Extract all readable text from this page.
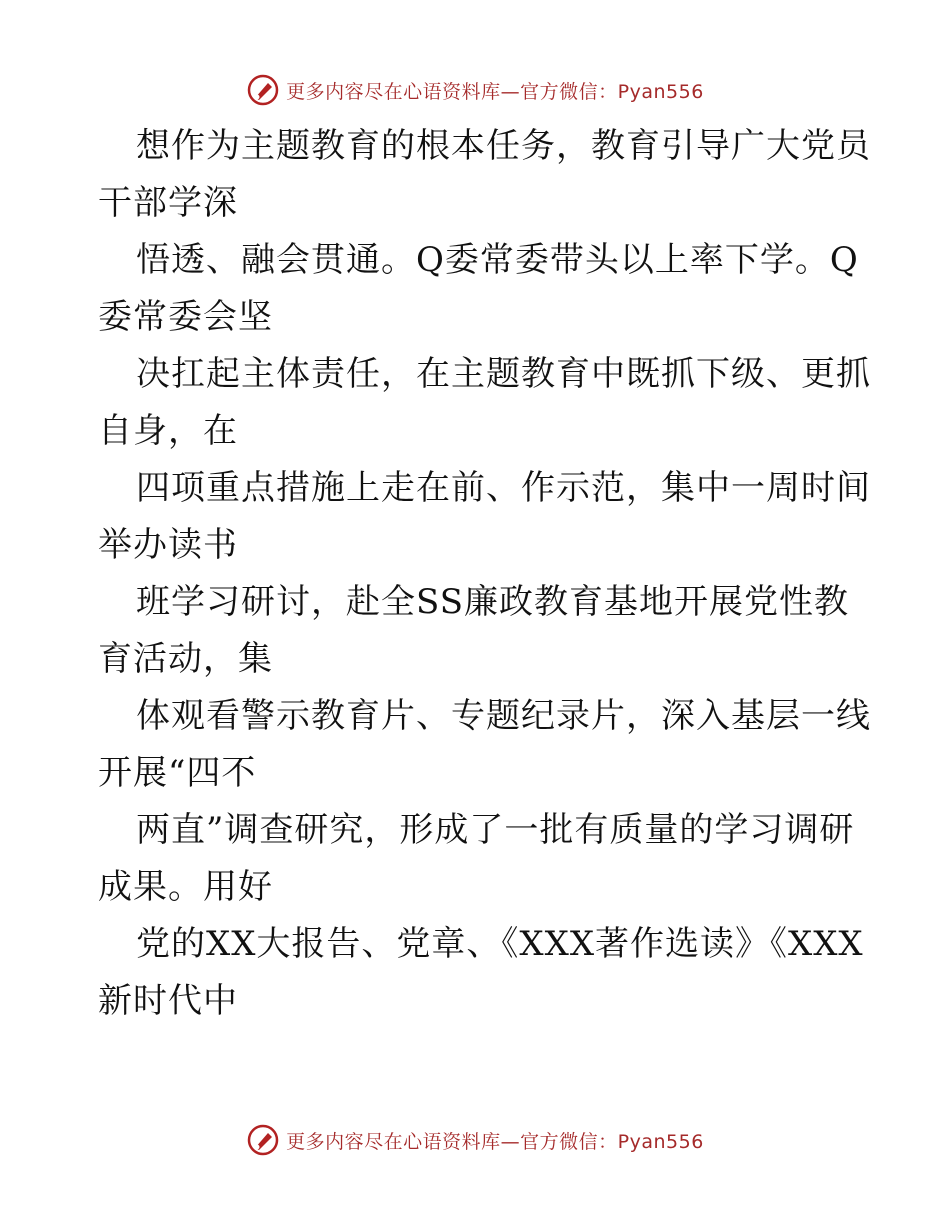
更多内容尽在心语资料库—官方微信：Pyan556
想作为主题教育的根本任务，教育引导广大党员
干部学深
悟透、融会贯通。Q委常委带头以上率下学。Q
委常委会坚
决扛起主体责任，在主题教育中既抓下级、更抓
自身，在
四项重点措施上走在前、作示范，集中一周时间
举办读书
班学习研讨，赴全SS廉政教育基地开展党性教
育活动，集
体观看警示教育片、专题纪录片，深入基层一线
开展“四不
两直”调查研究，形成了一批有质量的学习调研
成果。用好
党的XX大报告、党章、《XXX著作选读》《XXX
新时代中
更多内容尽在心语资料库—官方微信：Pyan556
